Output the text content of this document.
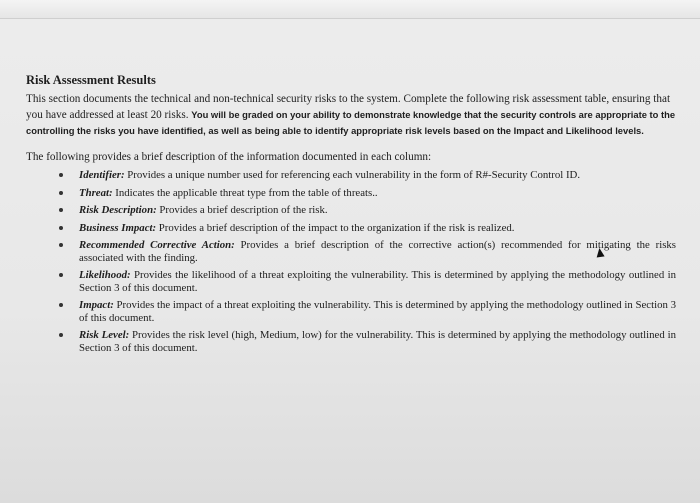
Risk Assessment Results

This section documents the technical and non-technical security risks to the system. Complete the following risk assessment table, ensuring that you have addressed at least 20 risks. You will be graded on your ability to demonstrate knowledge that the security controls are appropriate to the controlling the risks you have identified, as well as being able to identify appropriate risk levels based on the Impact and Likelihood levels.

The following provides a brief description of the information documented in each column:
Identifier: Provides a unique number used for referencing each vulnerability in the form of R#-Security Control ID.
Threat: Indicates the applicable threat type from the table of threats..
Risk Description: Provides a brief description of the risk.
Business Impact: Provides a brief description of the impact to the organization if the risk is realized.
Recommended Corrective Action: Provides a brief description of the corrective action(s) recommended for mitigating the risks associated with the finding.
Likelihood: Provides the likelihood of a threat exploiting the vulnerability. This is determined by applying the methodology outlined in Section 3 of this document.
Impact: Provides the impact of a threat exploiting the vulnerability. This is determined by applying the methodology outlined in Section 3 of this document.
Risk Level: Provides the risk level (high, Medium, low) for the vulnerability. This is determined by applying the methodology outlined in Section 3 of this document.
